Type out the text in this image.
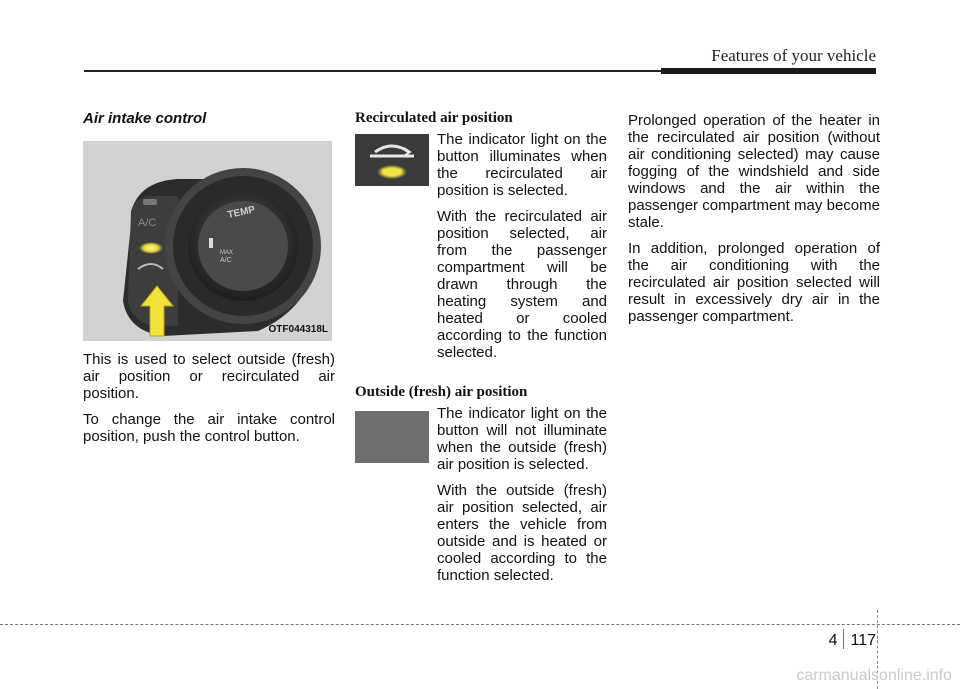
Features of your vehicle
Air intake control
A/C
TEMP
MAX
A/C
OTF044318L

This is used to select outside (fresh) air position or recirculated air position.

To change the air intake control position, push the control button.

Recirculated air position

The indicator light on the button illuminates when the recirculated air position is selected.

With the recirculated air position selected, air from the passenger compartment will be drawn through the heating system and heated or cooled according to the function selected.

Outside (fresh) air position

The indicator light on the button will not illuminate when the outside (fresh) air position is selected.

With the outside (fresh) air position selected, air enters the vehicle from outside and is heated or cooled according to the function selected.

Prolonged operation of the heater in the recirculated air position (without air conditioning selected) may cause fogging of the windshield and side windows and the air within the passenger compartment may become stale.

In addition, prolonged operation of the air conditioning with the recirculated air position selected will result in excessively dry air in the passenger compartment.

4 117
carmanualsonline.info
